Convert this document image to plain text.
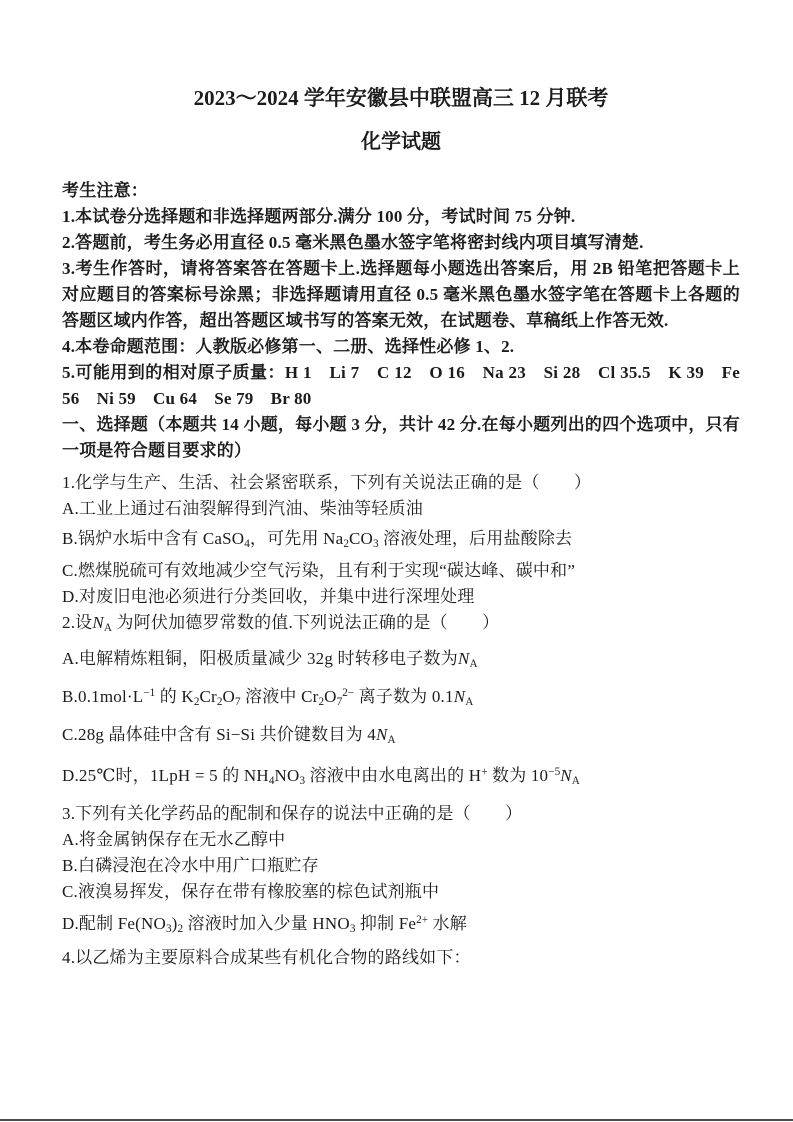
2023～2024 学年安徽县中联盟高三 12 月联考
化学试题
考生注意：
1.本试卷分选择题和非选择题两部分.满分 100 分，考试时间 75 分钟.
2.答题前，考生务必用直径 0.5 毫米黑色墨水签字笔将密封线内项目填写清楚.
3.考生作答时，请将答案答在答题卡上.选择题每小题选出答案后，用 2B 铅笔把答题卡上对应题目的答案标号涂黑；非选择题请用直径 0.5 毫米黑色墨水签字笔在答题卡上各题的答题区域内作答，超出答题区域书写的答案无效，在试题卷、草稿纸上作答无效.
4.本卷命题范围：人教版必修第一、二册、选择性必修 1、2.
5.可能用到的相对原子质量：H 1　Li 7　C 12　O 16　Na 23　Si 28　Cl 35.5　K 39　Fe 56　Ni 59　Cu 64　Se 79　Br 80
一、选择题（本题共 14 小题，每小题 3 分，共计 42 分.在每小题列出的四个选项中，只有一项是符合题目要求的）
1.化学与生产、生活、社会紧密联系，下列有关说法正确的是（　　）
A.工业上通过石油裂解得到汽油、柴油等轻质油
B.锅炉水垢中含有 CaSO$_4$，可先用 $Na_2CO_3$ 溶液处理，后用盐酸除去
C.燃煤脱硫可有效地减少空气污染，且有利于实现“碳达峰、碳中和”
D.对废旧电池必须进行分类回收，并集中进行深埋处理
2.设$N_A$ 为阿伏加德罗常数的值.下列说法正确的是（　　）
A.电解精炼粗铜，阳极质量减少 32g 时转移电子数为$N_A$
$B.0.1mol\cdot L^{-1}$ 的 $K_2Cr_2O_7$ 溶液中 $Cr_2O_7^{2-}$ 离子数为 $0.1N_A$
C.28g 晶体硅中含有 Si−Si 共价键数目为 $4N_A$
D.25℃时，1LpH = 5 的 $NH_4NO_3$ 溶液中由水电离出的 H+ 数为 $10^{-5}N_A$
3.下列有关化学药品的配制和保存的说法中正确的是（　　）
A.将金属钠保存在无水乙醇中
B.白磷浸泡在冷水中用广口瓶贮存
C.液溴易挥发，保存在带有橡胶塞的棕色试剂瓶中
D.配制 $Fe(NO_3)_2$ 溶液时加入少量 $HNO_3$ 抑制 $Fe^{2+}$ 水解
4.以乙烯为主要原料合成某些有机化合物的路线如下：
